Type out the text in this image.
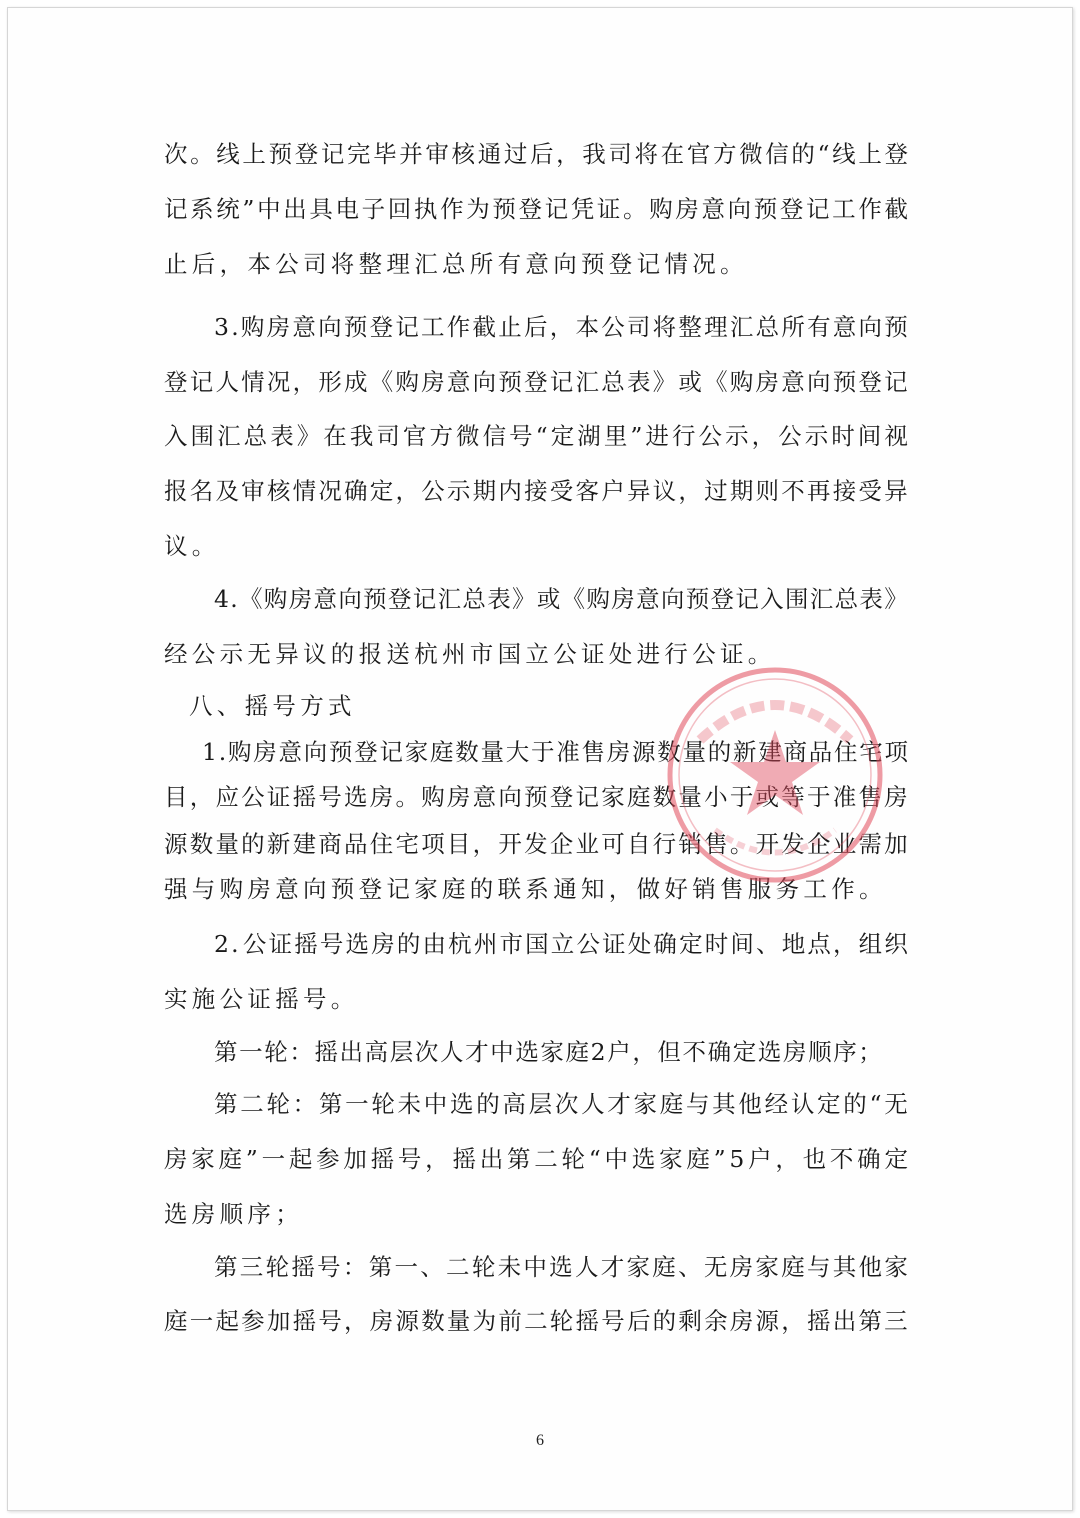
次 。 线 上 预 登 记 完 毕 并 审 核 通 过 后 ， 我 司 将 在 官 方 微 信 的 “ 线 上 登
记 系 统 ” 中 出 具 电 子 回 执 作 为 预 登 记 凭 证 。 购 房 意 向 预 登 记 工 作 截
止后，本公司将整理汇总所有意向预登记情况。
3 . 购 房 意 向 预 登 记 工 作 截 止 后 ， 本 公 司 将 整 理 汇 总 所 有 意 向 预
登 记 人 情 况 ， 形 成 《 购 房 意 向 预 登 记 汇 总 表 》 或 《 购 房 意 向 预 登 记
入 围 汇 总 表 》 在 我 司 官 方 微 信 号 “ 定 湖 里 ” 进 行 公 示 ， 公 示 时 间 视
报 名 及 审 核 情 况 确 定 ， 公 示 期 内 接 受 客 户 异 议 ， 过 期 则 不 再 接 受 异
议。
4 . 《 购 房 意 向 预 登 记 汇 总 表 》 或 《 购 房 意 向 预 登 记 入 围 汇 总 表 》
经公示无异议的报送杭州市国立公证处进行公证。
八、摇号方式
1 . 购 房 意 向 预 登 记 家 庭 数 量 大 于 准 售 房 源 数 量 的 新 建 商 品 住 宅 项
目 ， 应 公 证 摇 号 选 房 。 购 房 意 向 预 登 记 家 庭 数 量 小 于 或 等 于 准 售 房
源 数 量 的 新 建 商 品 住 宅 项 目 ， 开 发 企 业 可 自 行 销 售 。 开 发 企 业 需 加
强与购房意向预登记家庭的联系通知，做好销售服务工作。
2 . 公 证 摇 号 选 房 的 由 杭 州 市 国 立 公 证 处 确 定 时 间 、 地 点 ， 组 织
实施公证摇号。
第 一 轮 ： 摇 出 高 层 次 人 才 中 选 家 庭 2 户 ， 但 不 确 定 选 房 顺 序 ；
第 二 轮 ： 第 一 轮 未 中 选 的 高 层 次 人 才 家 庭 与 其 他 经 认 定 的 “ 无
房 家 庭 ” 一 起 参 加 摇 号 ， 摇 出 第 二 轮 “ 中 选 家 庭 ” 5 户 ， 也 不 确 定
选房顺序；
第 三 轮 摇 号 ： 第 一 、 二 轮 未 中 选 人 才 家 庭 、 无 房 家 庭 与 其 他 家
庭 一 起 参 加 摇 号 ， 房 源 数 量 为 前 二 轮 摇 号 后 的 剩 余 房 源 ， 摇 出 第 三
6
